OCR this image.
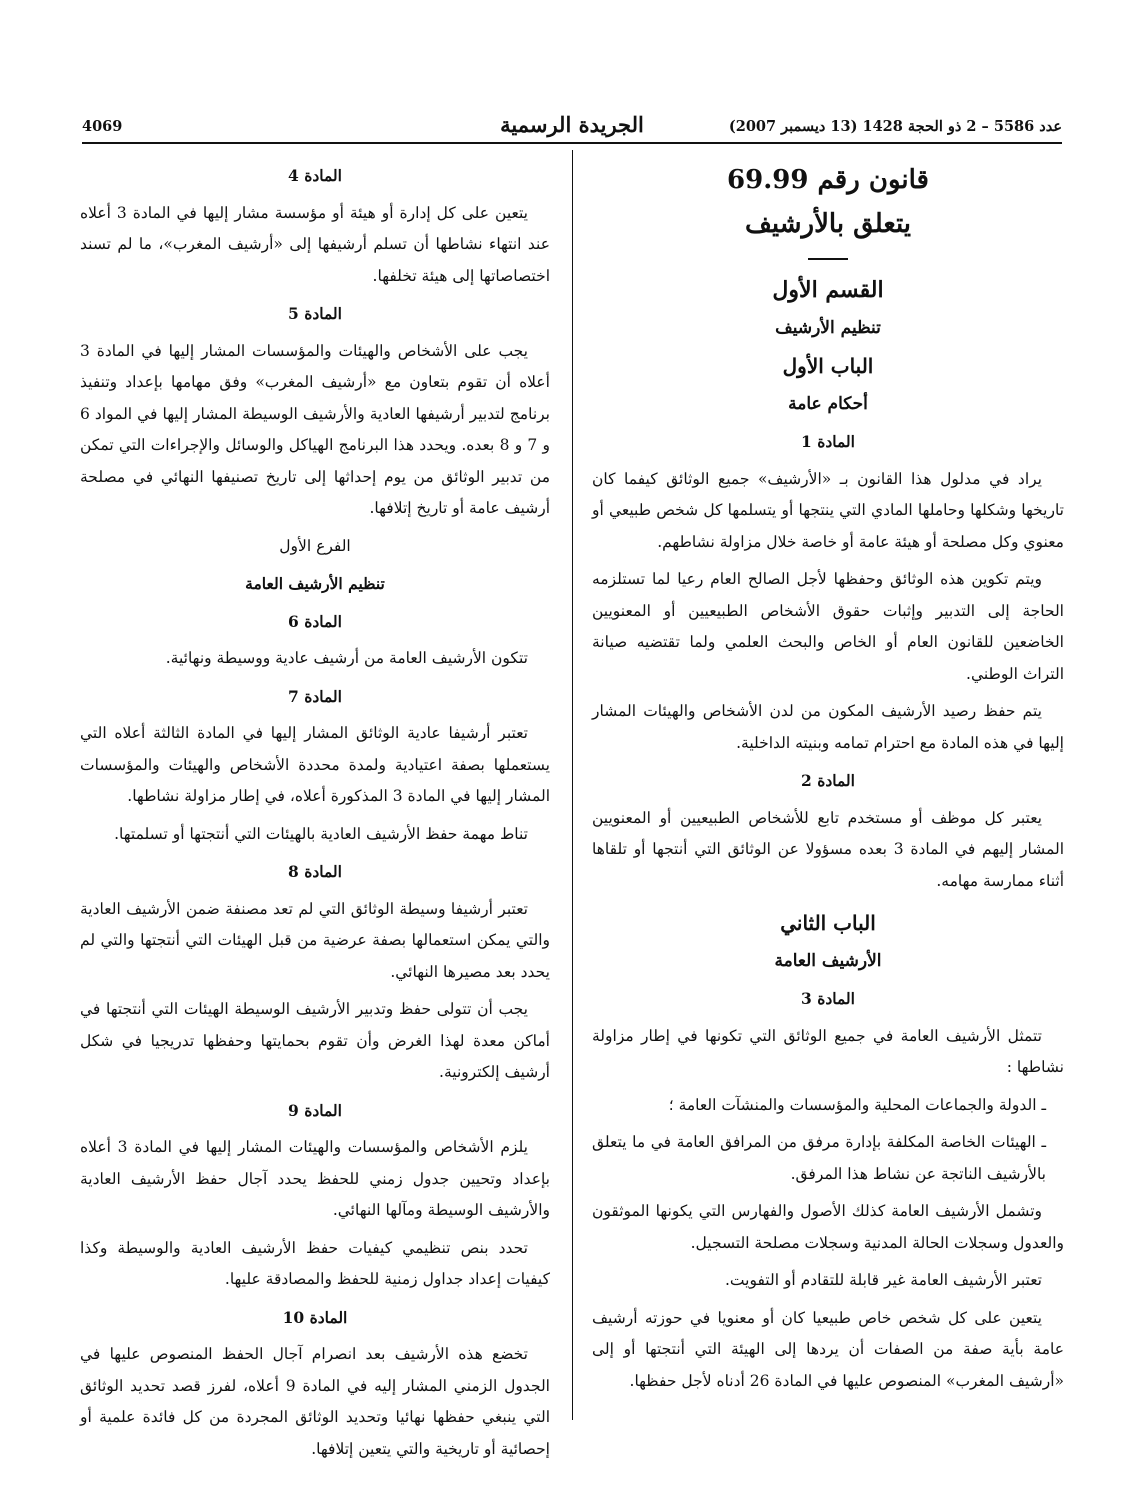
عدد 5586 – 2 ذو الحجة 1428 (13 ديسمبر 2007)
الجريدة الرسمية
4069
قانون رقم 69.99
يتعلق بالأرشيف
القسم الأول
تنظيم الأرشيف
الباب الأول
أحكام عامة
المادة 1

يراد في مدلول هذا القانون بـ «الأرشيف» جميع الوثائق كيفما كان تاريخها وشكلها وحاملها المادي التي ينتجها أو يتسلمها كل شخص طبيعي أو معنوي وكل مصلحة أو هيئة عامة أو خاصة خلال مزاولة نشاطهم.

ويتم تكوين هذه الوثائق وحفظها لأجل الصالح العام رعيا لما تستلزمه الحاجة إلى التدبير وإثبات حقوق الأشخاص الطبيعيين أو المعنويين الخاضعين للقانون العام أو الخاص والبحث العلمي ولما تقتضيه صيانة التراث الوطني.

يتم حفظ رصيد الأرشيف المكون من لدن الأشخاص والهيئات المشار إليها في هذه المادة مع احترام تمامه وبنيته الداخلية.

المادة 2

يعتبر كل موظف أو مستخدم تابع للأشخاص الطبيعيين أو المعنويين المشار إليهم في المادة 3 بعده مسؤولا عن الوثائق التي أنتجها أو تلقاها أثناء ممارسة مهامه.

الباب الثاني
الأرشيف العامة
المادة 3

تتمثل الأرشيف العامة في جميع الوثائق التي تكونها في إطار مزاولة نشاطها :

ـ الدولة والجماعات المحلية والمؤسسات والمنشآت العامة ؛

ـ الهيئات الخاصة المكلفة بإدارة مرفق من المرافق العامة في ما يتعلق بالأرشيف الناتجة عن نشاط هذا المرفق.

وتشمل الأرشيف العامة كذلك الأصول والفهارس التي يكونها الموثقون والعدول وسجلات الحالة المدنية وسجلات مصلحة التسجيل.

تعتبر الأرشيف العامة غير قابلة للتقادم أو التفويت.

يتعين على كل شخص خاص طبيعيا كان أو معنويا في حوزته أرشيف عامة بأية صفة من الصفات أن يردها إلى الهيئة التي أنتجتها أو إلى «أرشيف المغرب» المنصوص عليها في المادة 26 أدناه لأجل حفظها.

المادة 4

يتعين على كل إدارة أو هيئة أو مؤسسة مشار إليها في المادة 3 أعلاه عند انتهاء نشاطها أن تسلم أرشيفها إلى «أرشيف المغرب»، ما لم تسند اختصاصاتها إلى هيئة تخلفها.

المادة 5

يجب على الأشخاص والهيئات والمؤسسات المشار إليها في المادة 3 أعلاه أن تقوم بتعاون مع «أرشيف المغرب» وفق مهامها بإعداد وتنفيذ برنامج لتدبير أرشيفها العادية والأرشيف الوسيطة المشار إليها في المواد 6 و 7 و 8 بعده. ويحدد هذا البرنامج الهياكل والوسائل والإجراءات التي تمكن من تدبير الوثائق من يوم إحداثها إلى تاريخ تصنيفها النهائي في مصلحة أرشيف عامة أو تاريخ إتلافها.

الفرع الأول
تنظيم الأرشيف العامة
المادة 6

تتكون الأرشيف العامة من أرشيف عادية ووسيطة ونهائية.

المادة 7

تعتبر أرشيفا عادية الوثائق المشار إليها في المادة الثالثة أعلاه التي يستعملها بصفة اعتيادية ولمدة محددة الأشخاص والهيئات والمؤسسات المشار إليها في المادة 3 المذكورة أعلاه، في إطار مزاولة نشاطها.

تناط مهمة حفظ الأرشيف العادية بالهيئات التي أنتجتها أو تسلمتها.

المادة 8

تعتبر أرشيفا وسيطة الوثائق التي لم تعد مصنفة ضمن الأرشيف العادية والتي يمكن استعمالها بصفة عرضية من قبل الهيئات التي أنتجتها والتي لم يحدد بعد مصيرها النهائي.

يجب أن تتولى حفظ وتدبير الأرشيف الوسيطة الهيئات التي أنتجتها في أماكن معدة لهذا الغرض وأن تقوم بحمايتها وحفظها تدريجيا في شكل أرشيف إلكترونية.

المادة 9

يلزم الأشخاص والمؤسسات والهيئات المشار إليها في المادة 3 أعلاه بإعداد وتحيين جدول زمني للحفظ يحدد آجال حفظ الأرشيف العادية والأرشيف الوسيطة ومآلها النهائي.

تحدد بنص تنظيمي كيفيات حفظ الأرشيف العادية والوسيطة وكذا كيفيات إعداد جداول زمنية للحفظ والمصادقة عليها.

المادة 10

تخضع هذه الأرشيف بعد انصرام آجال الحفظ المنصوص عليها في الجدول الزمني المشار إليه في المادة 9 أعلاه، لفرز قصد تحديد الوثائق التي ينبغي حفظها نهائيا وتحديد الوثائق المجردة من كل فائدة علمية أو إحصائية أو تاريخية والتي يتعين إتلافها.
